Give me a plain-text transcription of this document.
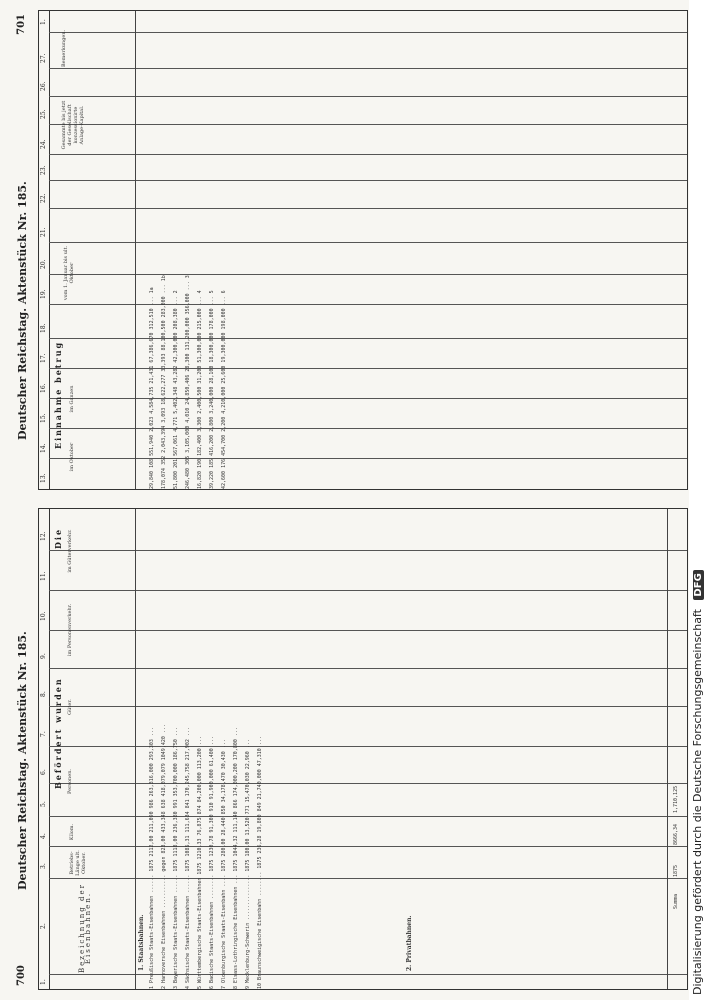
700
Deutscher Reichstag. Aktenstück Nr. 185.
Deutscher Reichstag. Aktenstück Nr. 185.
701
1.
2.
3.
4.
5.
6.
7.
8.
9.
10.
11.
12.
Bezeichnung der Eisenbahnen.
Betriebs-Länge ult. Oktober.
Kilom.
Befördert wurden Personen.
Güter.
Die
im Personenverkehr.
im Güterverkehr.
1. Staatsbahnen. 1 Preußische Staats-Eisenbahnen ...... 1875 2112,00 211,090 986 263,316,000 293,303 ... 2 Hannoversche Eisenbahnen ........... gegen 823,00 433,348 638 418,079,079 1049,420 ... 3 Bayerische Staats-Eisenbahnen ...... 1875 1118,00 236,380 991 353,700,000 186,750 ... 4 Sächsische Staats-Eisenbahnen ...... 1875 1085,31 111,634 841 170,245,758 217,902 ... 5 Württembergische Staats-Eisenbahnen 1875 1210,33 76,875 874 84,200,000 113,200 ... 6 Badische Staats-Eisenbahnen ........ 1875 1230,78 91,300 910 91,900,000 61,400 ... 7 Oldenburgische Staats-Eisenbahn .... 1875 280,00 28,440 850 34,178,470 30,430 ... 8 Elsass-Lothringische Eisenbahnen ... 1875 1044,32 111,140 866 174,000,200 170,800 ... 9 Mecklenburg-Schwerin ............... 1875 180,00 13,520 771 15,470,030 22,960 ... 10 Braunschweigische Eisenbahn ........ 1875 236,28 19,800 849 21,740,000 47,310 ...	2. Privatbahnen.
Summa
1875
8666,34
1,710,125
13.
14.
15.
16.
17.
18.
19.
20.
21.
22.
23.
24.
25.
26.
27.
1.
Einnahme betrug
im Oktober
im Ganzen
vom 1. Januar bis ult. Oktober
Gesammte bis jetzt der Gesellschaft konzessionirte Anlage-Kapital.
Bemerkungen.
29,840 108 551,940 2,023 4,584,735 21,431 67,386,670 312,510 ... 1a 178,074 352 2,043,394 3,093 18,622,277 33,393 88,100,500 283,000 ... 1b 51,800 201 567,061 4,771 5,402,348 43,282 42,300,000 208,380 ... 2 246,480 305 3,105,000 4,010 24,850,406 28,300 131,200,000 356,000 ... 3 16,820 190 182,400 3,300 2,400,500 31,200 51,300,000 215,000 ... 4 39,220 185 416,200 2,800 3,240,000 28,100 18,300,000 178,000 ... 5 42,600 176 454,700 2,200 4,210,000 25,600 19,300,000 198,000 ... 6
Digitalisierung gefördert durch die Deutsche Forschungsgemeinschaft DFG
